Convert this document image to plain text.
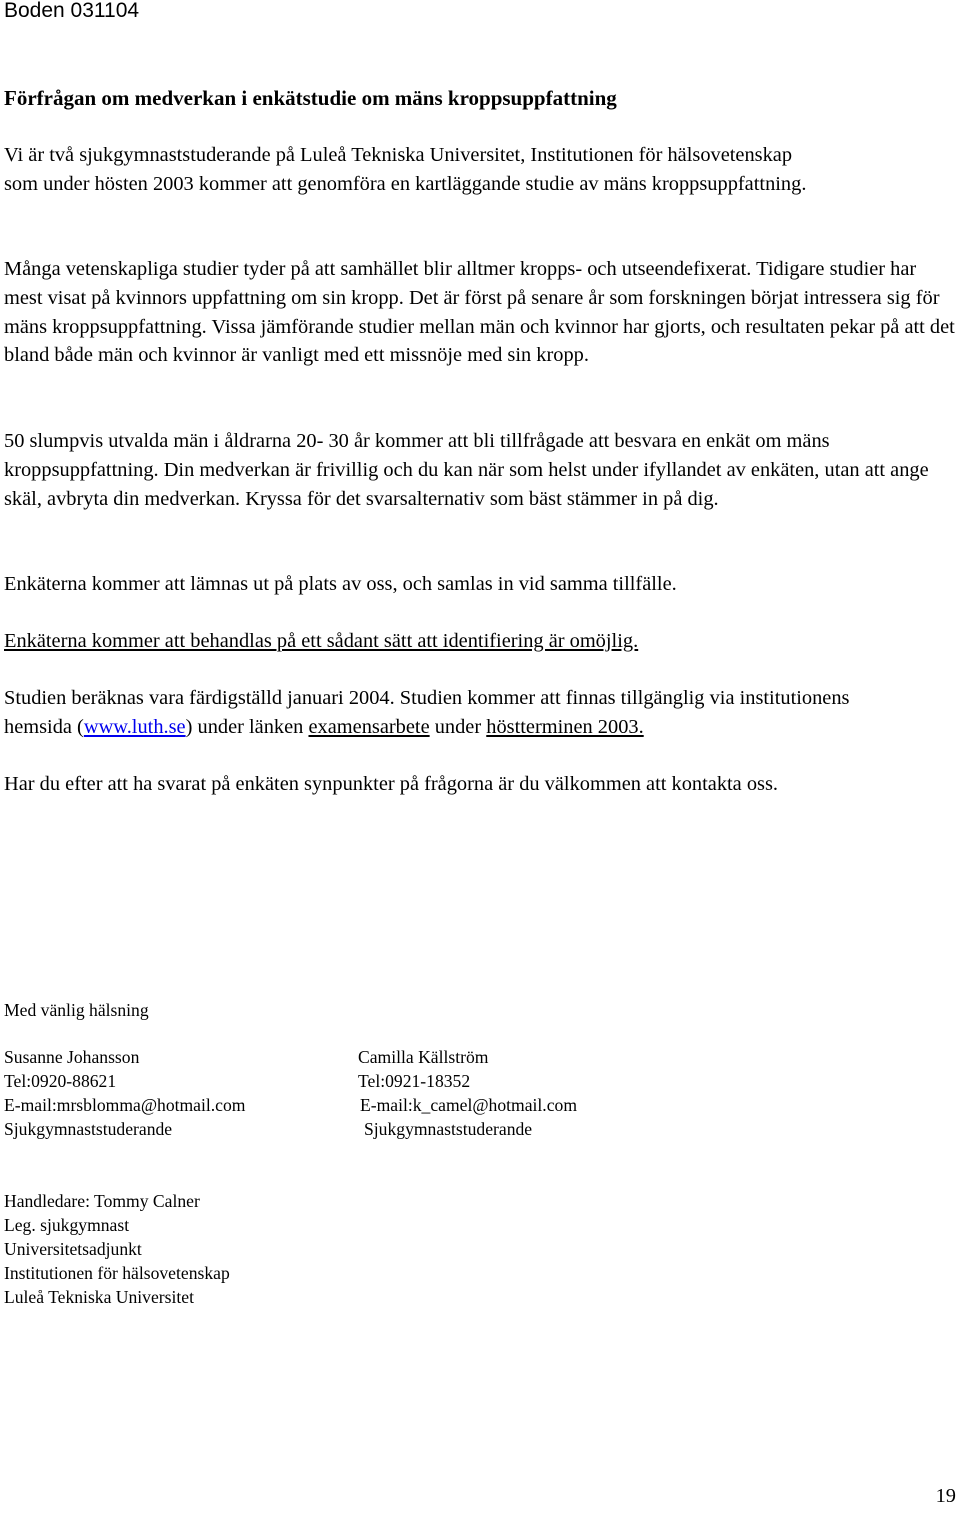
Boden 031104
Förfrågan om medverkan i enkätstudie om mäns kroppsuppfattning
Vi är två sjukgymnaststuderande på Luleå Tekniska Universitet, Institutionen för hälsovetenskap som under hösten 2003 kommer att genomföra en kartläggande studie av mäns kroppsuppfattning.
Många vetenskapliga studier tyder på att samhället blir alltmer kropps- och utseendefixerat. Tidigare studier har mest visat på kvinnors uppfattning om sin kropp. Det är först på senare år som forskningen börjat intressera sig för mäns kroppsuppfattning. Vissa jämförande studier mellan män och kvinnor har gjorts, och resultaten pekar på att det bland både män och kvinnor är vanligt med ett missnöje med sin kropp.
50 slumpvis utvalda män i åldrarna 20- 30 år kommer att bli tillfrågade att besvara en enkät om mäns kroppsuppfattning. Din medverkan är frivillig och du kan när som helst under ifyllandet av enkäten, utan att ange skäl, avbryta din medverkan. Kryssa för det svarsalternativ som bäst stämmer in på dig.
Enkäterna kommer att lämnas ut på plats av oss, och samlas in vid samma tillfälle.
Enkäterna kommer att behandlas på ett sådant sätt att identifiering är omöjlig.
Studien beräknas vara färdigställd januari 2004. Studien kommer att finnas tillgänglig via institutionens hemsida (www.luth.se) under länken examensarbete under höstterminen 2003.
Har du efter att ha svarat på enkäten synpunkter på frågorna är du välkommen att kontakta oss.
Med vänlig hälsning
Susanne Johansson
Tel:0920-88621
E-mail:mrsblomma@hotmail.com
Sjukgymnaststuderande
Camilla Källström
Tel:0921-18352
E-mail:k_camel@hotmail.com
Sjukgymnaststuderande
Handledare: Tommy Calner
Leg. sjukgymnast
Universitetsadjunkt
Institutionen för hälsovetenskap
Luleå Tekniska Universitet
19
